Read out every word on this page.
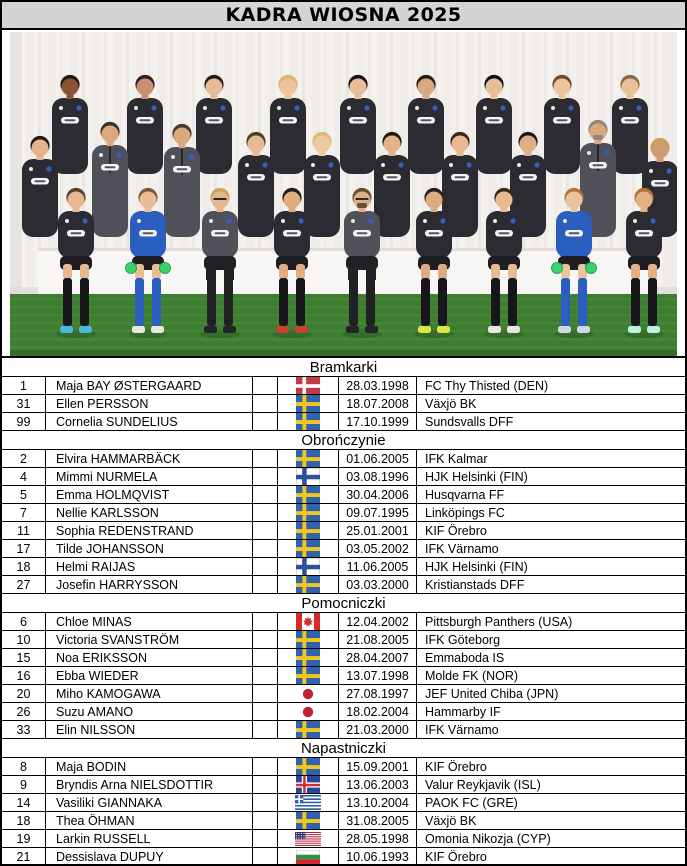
KADRA WIOSNA 2025
Bramkarki
1	Maja BAY ØSTERGAARD	28.03.1998	FC Thy Thisted (DEN)
31	Ellen PERSSON	18.07.2008	Växjö BK
99	Cornelia SUNDELIUS	17.10.1999	Sundsvalls DFF
Obrończynie
2	Elvira HAMMARBÄCK	01.06.2005	IFK Kalmar
4	Mimmi NURMELA	03.08.1996	HJK Helsinki (FIN)
5	Emma HOLMQVIST	30.04.2006	Husqvarna FF
7	Nellie KARLSSON	09.07.1995	Linköpings FC
11	Sophia REDENSTRAND	25.01.2001	KIF Örebro
17	Tilde JOHANSSON	03.05.2002	IFK Värnamo
18	Helmi RAIJAS	11.06.2005	HJK Helsinki (FIN)
27	Josefin HARRYSSON	03.03.2000	Kristianstads DFF
Pomocniczki
6	Chloe MINAS	12.04.2002	Pittsburgh Panthers (USA)
10	Victoria SVANSTRÖM	21.08.2005	IFK Göteborg
15	Noa ERIKSSON	28.04.2007	Emmaboda IS
16	Ebba WIEDER	13.07.1998	Molde FK (NOR)
20	Miho KAMOGAWA	27.08.1997	JEF United Chiba (JPN)
26	Suzu AMANO	18.02.2004	Hammarby IF
33	Elin NILSSON	21.03.2000	IFK Värnamo
Napastniczki
8	Maja BODIN	15.09.2001	KIF Örebro
9	Bryndis Arna NIELSDOTTIR	13.06.2003	Valur Reykjavik (ISL)
14	Vasiliki GIANNAKA	13.10.2004	PAOK FC (GRE)
18	Thea ÖHMAN	31.08.2005	Växjö BK
19	Larkin RUSSELL	28.05.1998	Omonia Nikozja (CYP)
21	Dessislava DUPUY	10.06.1993	KIF Örebro
